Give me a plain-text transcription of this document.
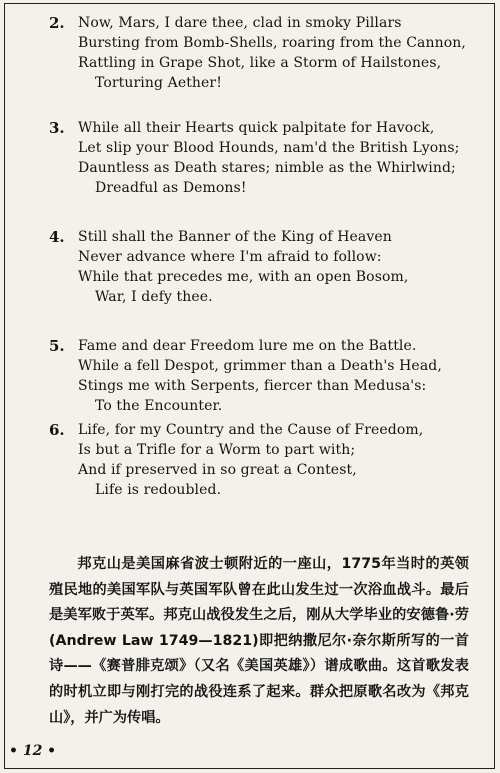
2. Now, Mars, I dare thee, clad in smoky Pillars
Bursting from Bomb-Shells, roaring from the Cannon,
Rattling in Grape Shot, like a Storm of Hailstones,
Torturing Aether!
3. While all their Hearts quick palpitate for Havock,
Let slip your Blood Hounds, nam'd the British Lyons;
Dauntless as Death stares; nimble as the Whirlwind;
Dreadful as Demons!
4. Still shall the Banner of the King of Heaven
Never advance where I'm afraid to follow:
While that precedes me, with an open Bosom,
War, I defy thee.
5. Fame and dear Freedom lure me on the Battle.
While a fell Despot, grimmer than a Death's Head,
Stings me with Serpents, fiercer than Medusa's:
To the Encounter.
6. Life, for my Country and the Cause of Freedom,
Is but a Trifle for a Worm to part with;
And if preserved in so great a Contest,
Life is redoubled.
邦克山是美国麻省波士顿附近的一座山，1775年当时的英领殖民地的美国军队与英国军队曾在此山发生过一次浴血战斗。最后是美军败于英军。邦克山战役发生之后，刚从大学毕业的安德鲁·劳(Andrew Law 1749—1821)即把纳撒尼尔·奈尔斯所写的一首诗——《赛普腓克颂》（又名《美国英雄》）谱成歌曲。这首歌发表的时机立即与刚打完的战役连系了起来。群众把原歌名改为《邦克山》，并广为传唱。
• 12 •
